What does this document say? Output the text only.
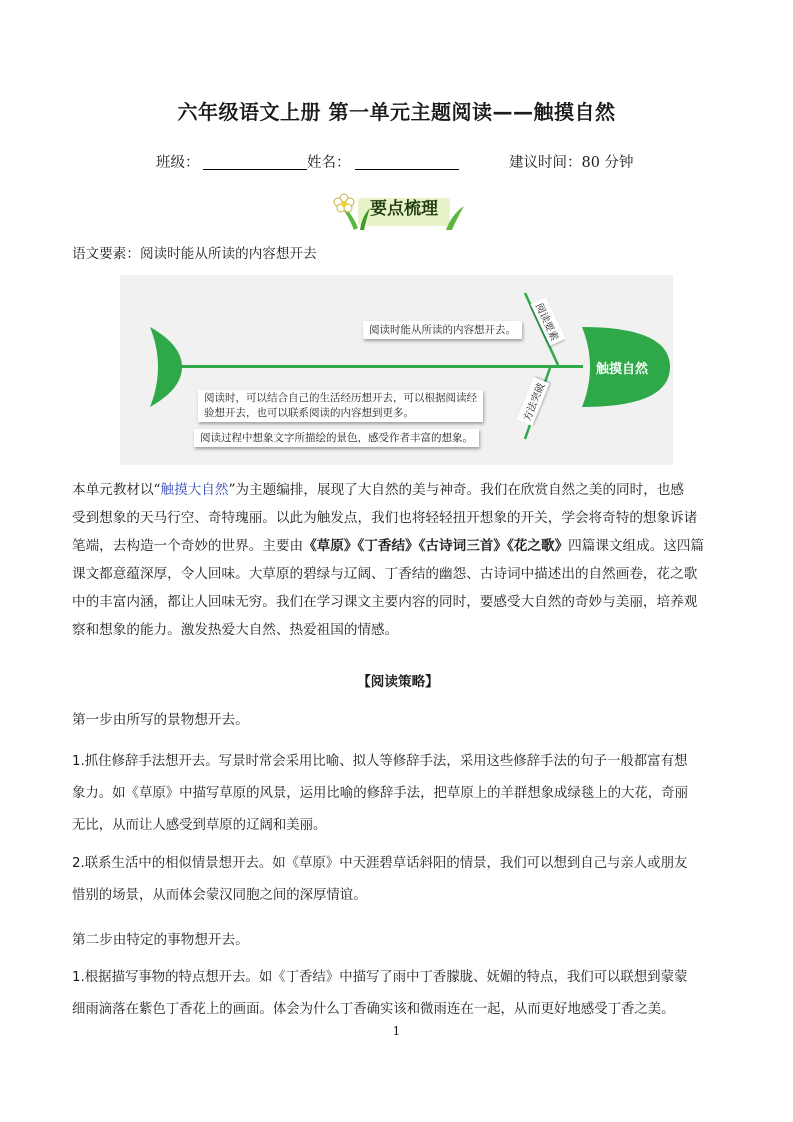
六年级语文上册 第一单元主题阅读——触摸自然
班级：	姓名：	建议时间：80 分钟
要点梳理
语文要素：阅读时能从所读的内容想开去
触摸自然
阅读要素
方法突破
阅读时能从所读的内容想开去。
阅读时，可以结合自己的生活经历想开去，可以根据阅读经
验想开去，也可以联系阅读的内容想到更多。
阅读过程中想象文字所描绘的景色，感受作者丰富的想象。
本单元教材以“触摸大自然”为主题编排，展现了大自然的美与神奇。我们在欣赏自然之美的同时，也感
受到想象的天马行空、奇特瑰丽。以此为触发点，我们也将轻轻扭开想象的开关，学会将奇特的想象诉诸
笔端，去构造一个奇妙的世界。主要由《草原》《丁香结》《古诗词三首》《花之歌》四篇课文组成。这四篇
课文都意蕴深厚，令人回味。大草原的碧绿与辽阔、丁香结的幽怨、古诗词中描述出的自然画卷，花之歌
中的丰富内涵，都让人回味无穷。我们在学习课文主要内容的同时，要感受大自然的奇妙与美丽，培养观
察和想象的能力。激发热爱大自然、热爱祖国的情感。
【阅读策略】
第一步由所写的景物想开去。
1.抓住修辞手法想开去。写景时常会采用比喻、拟人等修辞手法，采用这些修辞手法的句子一般都富有想
象力。如《草原》中描写草原的风景，运用比喻的修辞手法，把草原上的羊群想象成绿毯上的大花，奇丽
无比，从而让人感受到草原的辽阔和美丽。
2.联系生活中的相似情景想开去。如《草原》中天涯碧草话斜阳的情景，我们可以想到自己与亲人或朋友
惜别的场景，从而体会蒙汉同胞之间的深厚情谊。
第二步由特定的事物想开去。
1.根据描写事物的特点想开去。如《丁香结》中描写了雨中丁香朦胧、妩媚的特点，我们可以联想到蒙蒙
细雨滴落在紫色丁香花上的画面。体会为什么丁香确实该和微雨连在一起，从而更好地感受丁香之美。
1
